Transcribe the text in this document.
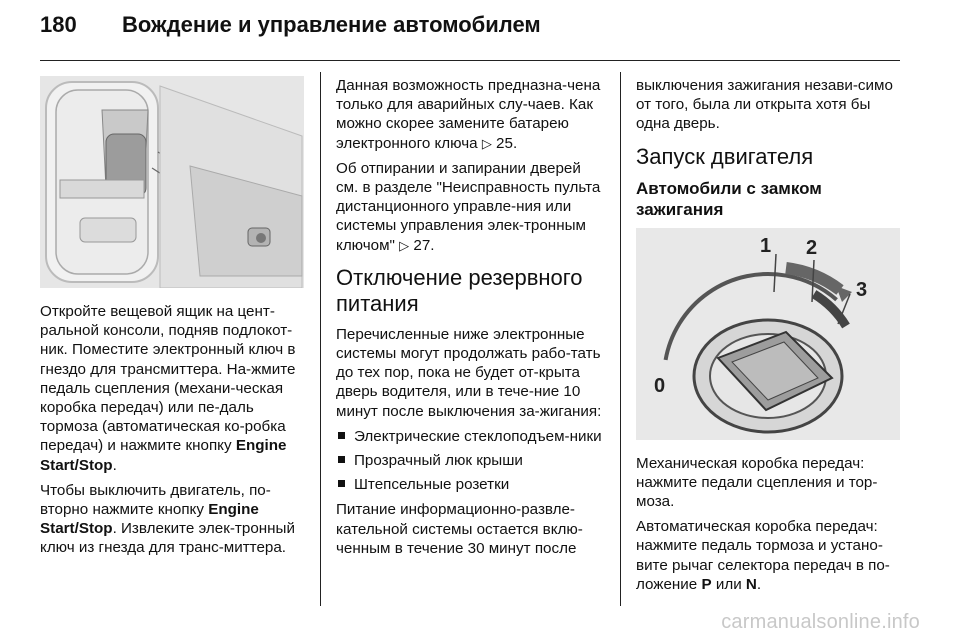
180	Вождение и управление автомобилем

Откройте вещевой ящик на цент-ральной консоли, подняв подлокот-ник. Поместите электронный ключ в гнездо для трансмиттера. На-жмите педаль сцепления (механи-ческая коробка передач) или пе-даль тормоза (автоматическая ко-робка передач) и нажмите кнопку Engine Start/Stop.

Чтобы выключить двигатель, по-вторно нажмите кнопку Engine Start/Stop. Извлеките элек-тронный ключ из гнезда для транс-миттера.

Данная возможность предназна-чена только для аварийных слу-чаев. Как можно скорее замените батарею электронного ключа ▷ 25.

Об отпирании и запирании дверей см. в разделе "Неисправность пульта дистанционного управле-ния или системы управления элек-тронным ключом" ▷ 27.

Отключение резервного питания

Перечисленные ниже электронные системы могут продолжать рабо-тать до тех пор, пока не будет от-крыта дверь водителя, или в тече-ние 10 минут после выключения за-жигания:

Электрические стеклоподъем-ники
Прозрачный люк крыши
Штепсельные розетки

Питание информационно-развле-кательной системы остается вклю-ченным в течение 30 минут после

выключения зажигания незави-симо от того, была ли открыта хотя бы одна дверь.

Запуск двигателя
Автомобили с замком зажигания
1 2
3
0

Механическая коробка передач: нажмите педали сцепления и тор-моза.

Автоматическая коробка передач: нажмите педаль тормоза и устано-вите рычаг селектора передач в по-ложение P или N.

carmanualsonline.info
